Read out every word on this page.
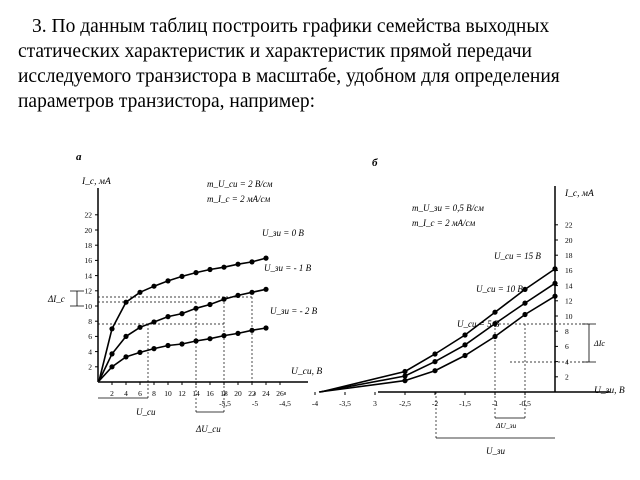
3. По данным таблиц построить графики семейства выходных статических характеристик и характеристик прямой передачи исследуемого транзистора в масштабе, удобном для определения параметров транзистора, например:

а
I_с, мА
U_си, В
m_U_си = 2 В/см
m_I_с = 2 мА/см
2 4 6 8 10 12 14 16 18 20 22 24 26
2
4
6
8
10
12
14
16
18
20
22
ΔI_с
U_си
ΔU_си
U_зи = 0 В
U_зи = - 1 В
U_зи = - 2 В
б
I_с, мА
U_зи, В
m_U_зи = 0,5 В/см
m_I_с = 2 мА/см
-5,5	-5	-4,5	-4	-3,5	3	-2,5	-2	-1,5	-1	-0,5
2
4
6
8
10
12
14
16
18
20
22
ΔIс
ΔU_зи
U_зи
U_си = 15 В
U_си = 10 В
U_си = 5 В
